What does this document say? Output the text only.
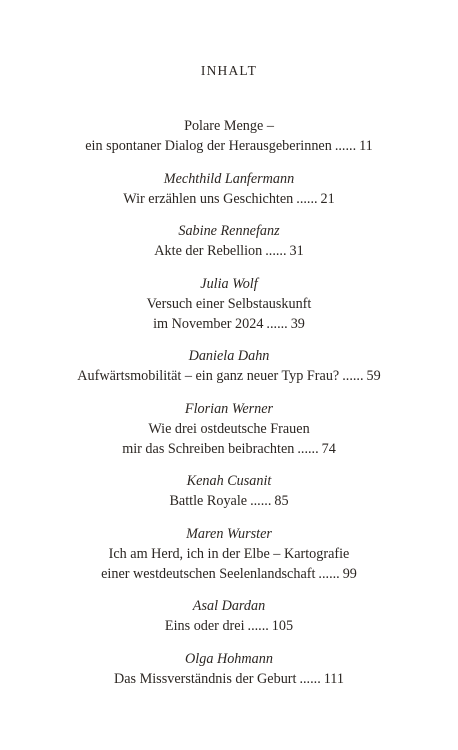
INHALT
Polare Menge –
ein spontaner Dialog der Herausgeberinnen ...... 11
Mechthild Lanfermann
Wir erzählen uns Geschichten ...... 21
Sabine Rennefanz
Akte der Rebellion ...... 31
Julia Wolf
Versuch einer Selbstauskunft
im November 2024 ...... 39
Daniela Dahn
Aufwärtsmobilität – ein ganz neuer Typ Frau? ...... 59
Florian Werner
Wie drei ostdeutsche Frauen
mir das Schreiben beibrachten ...... 74
Kenah Cusanit
Battle Royale ...... 85
Maren Wurster
Ich am Herd, ich in der Elbe – Kartografie
einer westdeutschen Seelenlandschaft ...... 99
Asal Dardan
Eins oder drei ...... 105
Olga Hohmann
Das Missverständnis der Geburt ...... 111
